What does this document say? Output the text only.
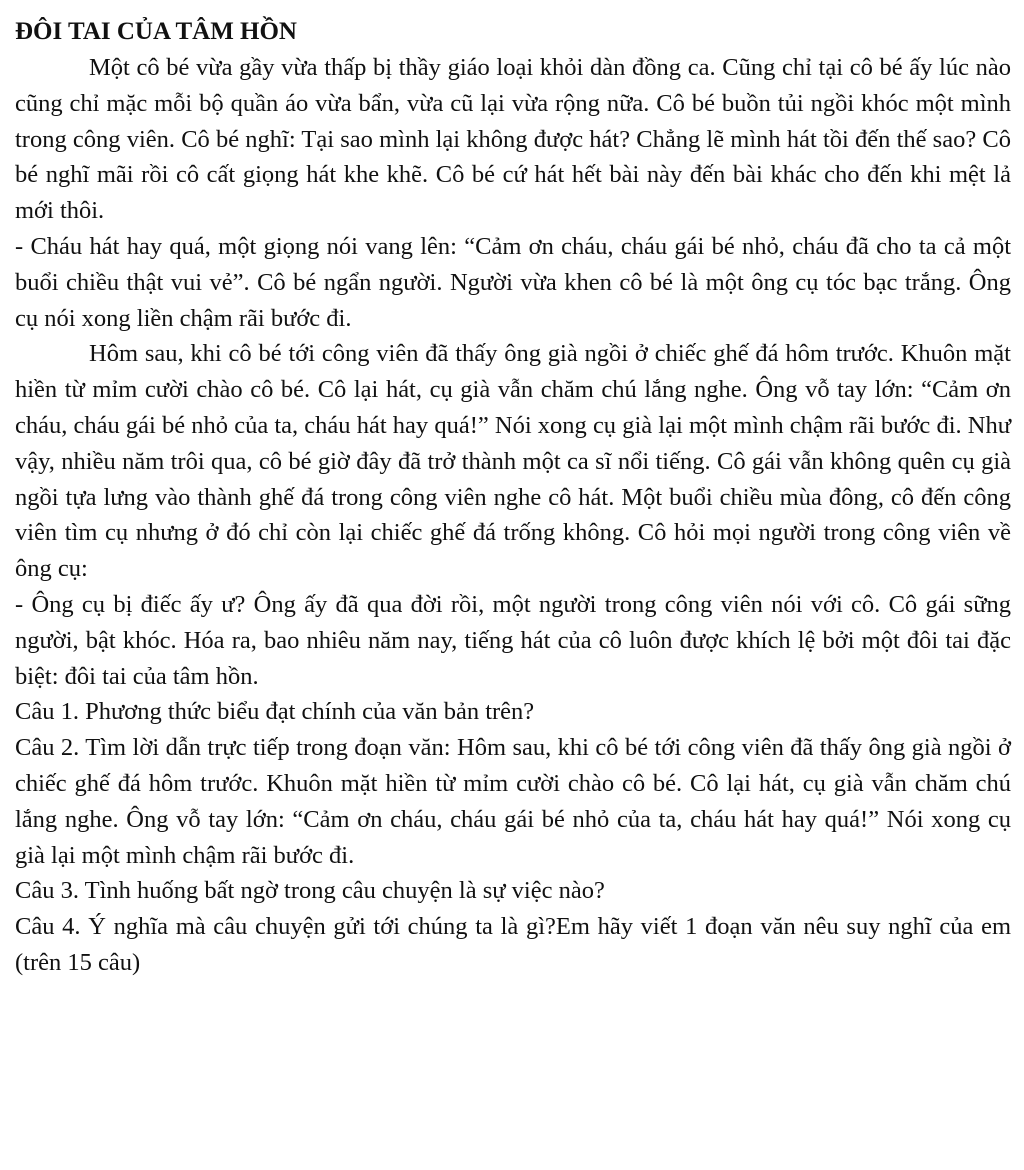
ĐÔI TAI CỦA TÂM HỒN

Một cô bé vừa gầy vừa thấp bị thầy giáo loại khỏi dàn đồng ca. Cũng chỉ tại cô bé ấy lúc nào cũng chỉ mặc mỗi bộ quần áo vừa bẩn, vừa cũ lại vừa rộng nữa. Cô bé buồn tủi ngồi khóc một mình trong công viên. Cô bé nghĩ: Tại sao mình lại không được hát? Chẳng lẽ mình hát tồi đến thế sao? Cô bé nghĩ mãi rồi cô cất giọng hát khe khẽ. Cô bé cứ hát hết bài này đến bài khác cho đến khi mệt lả mới thôi.

- Cháu hát hay quá, một giọng nói vang lên: “Cảm ơn cháu, cháu gái bé nhỏ, cháu đã cho ta cả một buổi chiều thật vui vẻ”. Cô bé ngẩn người. Người vừa khen cô bé là một ông cụ tóc bạc trắng. Ông cụ nói xong liền chậm rãi bước đi.

Hôm sau, khi cô bé tới công viên đã thấy ông già ngồi ở chiếc ghế đá hôm trước. Khuôn mặt hiền từ mỉm cười chào cô bé. Cô lại hát, cụ già vẫn chăm chú lắng nghe. Ông vỗ tay lớn: “Cảm ơn cháu, cháu gái bé nhỏ của ta, cháu hát hay quá!” Nói xong cụ già lại một mình chậm rãi bước đi. Như vậy, nhiều năm trôi qua, cô bé giờ đây đã trở thành một ca sĩ nổi tiếng. Cô gái vẫn không quên cụ già ngồi tựa lưng vào thành ghế đá trong công viên nghe cô hát. Một buổi chiều mùa đông, cô đến công viên tìm cụ nhưng ở đó chỉ còn lại chiếc ghế đá trống không. Cô hỏi mọi người trong công viên về ông cụ:

- Ông cụ bị điếc ấy ư? Ông ấy đã qua đời rồi, một người trong công viên nói với cô. Cô gái sững người, bật khóc. Hóa ra, bao nhiêu năm nay, tiếng hát của cô luôn được khích lệ bởi một đôi tai đặc biệt: đôi tai của tâm hồn.

Câu 1. Phương thức biểu đạt chính của văn bản trên?

Câu 2. Tìm lời dẫn trực tiếp trong đoạn văn: Hôm sau, khi cô bé tới công viên đã thấy ông già ngồi ở chiếc ghế đá hôm trước. Khuôn mặt hiền từ mỉm cười chào cô bé. Cô lại hát, cụ già vẫn chăm chú lắng nghe. Ông vỗ tay lớn: “Cảm ơn cháu, cháu gái bé nhỏ của ta, cháu hát hay quá!” Nói xong cụ già lại một mình chậm rãi bước đi.

Câu 3. Tình huống bất ngờ trong câu chuyện là sự việc nào?

Câu 4. Ý nghĩa mà câu chuyện gửi tới chúng ta là gì?Em hãy viết 1 đoạn văn nêu suy nghĩ của em (trên 15 câu)
